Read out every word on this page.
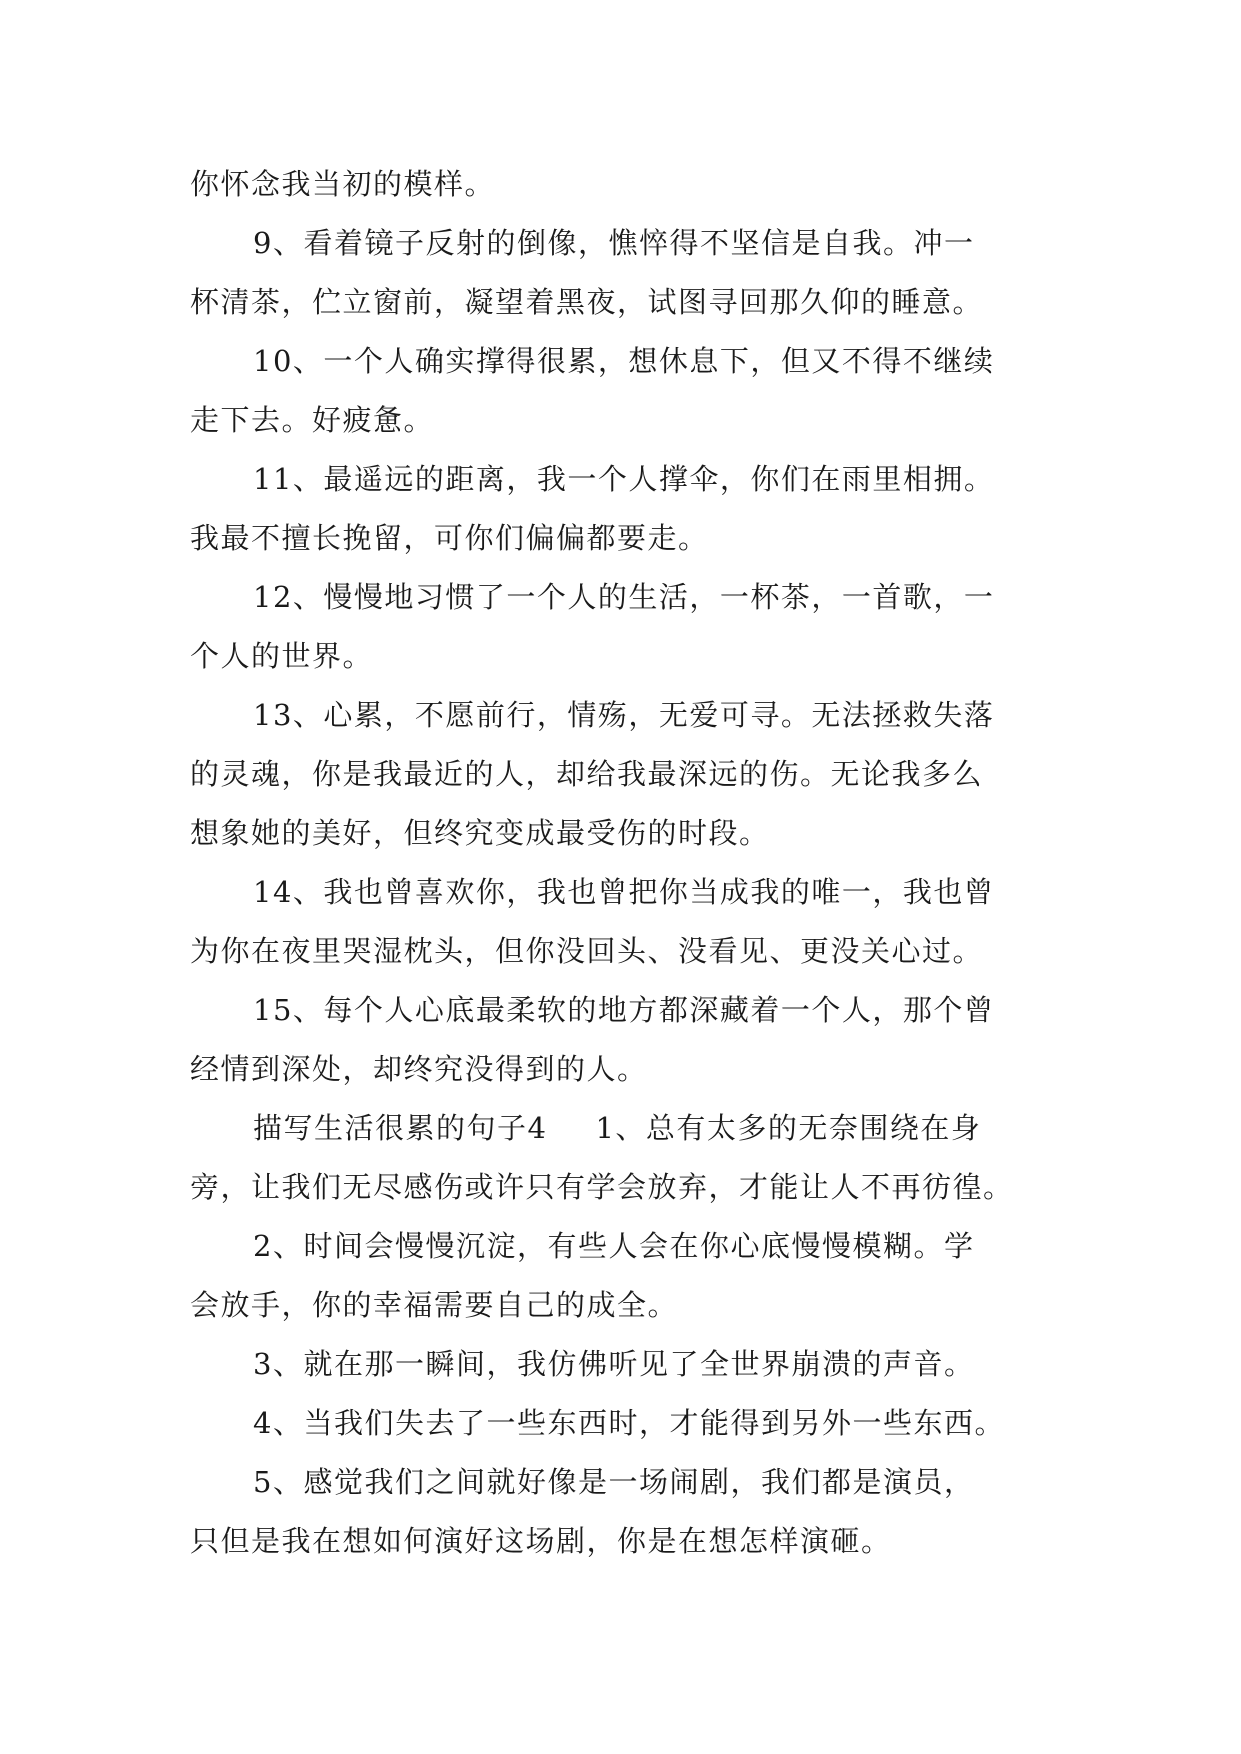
你怀念我当初的模样。
9、看着镜子反射的倒像，憔悴得不坚信是自我。冲一
杯清茶，伫立窗前，凝望着黑夜，试图寻回那久仰的睡意。
10、一个人确实撑得很累，想休息下，但又不得不继续
走下去。好疲惫。
11、最遥远的距离，我一个人撑伞，你们在雨里相拥。
我最不擅长挽留，可你们偏偏都要走。
12、慢慢地习惯了一个人的生活，一杯茶，一首歌，一
个人的世界。
13、心累，不愿前行，情殇，无爱可寻。无法拯救失落
的灵魂，你是我最近的人，却给我最深远的伤。无论我多么
想象她的美好，但终究变成最受伤的时段。
14、我也曾喜欢你，我也曾把你当成我的唯一，我也曾
为你在夜里哭湿枕头，但你没回头、没看见、更没关心过。
15、每个人心底最柔软的地方都深藏着一个人，那个曾
经情到深处，却终究没得到的人。
描写生活很累的句子4 1、总有太多的无奈围绕在身
旁，让我们无尽感伤或许只有学会放弃，才能让人不再彷徨。
2、时间会慢慢沉淀，有些人会在你心底慢慢模糊。学
会放手，你的幸福需要自己的成全。
3、就在那一瞬间，我仿佛听见了全世界崩溃的声音。
4、当我们失去了一些东西时，才能得到另外一些东西。
5、感觉我们之间就好像是一场闹剧，我们都是演员，
只但是我在想如何演好这场剧，你是在想怎样演砸。
